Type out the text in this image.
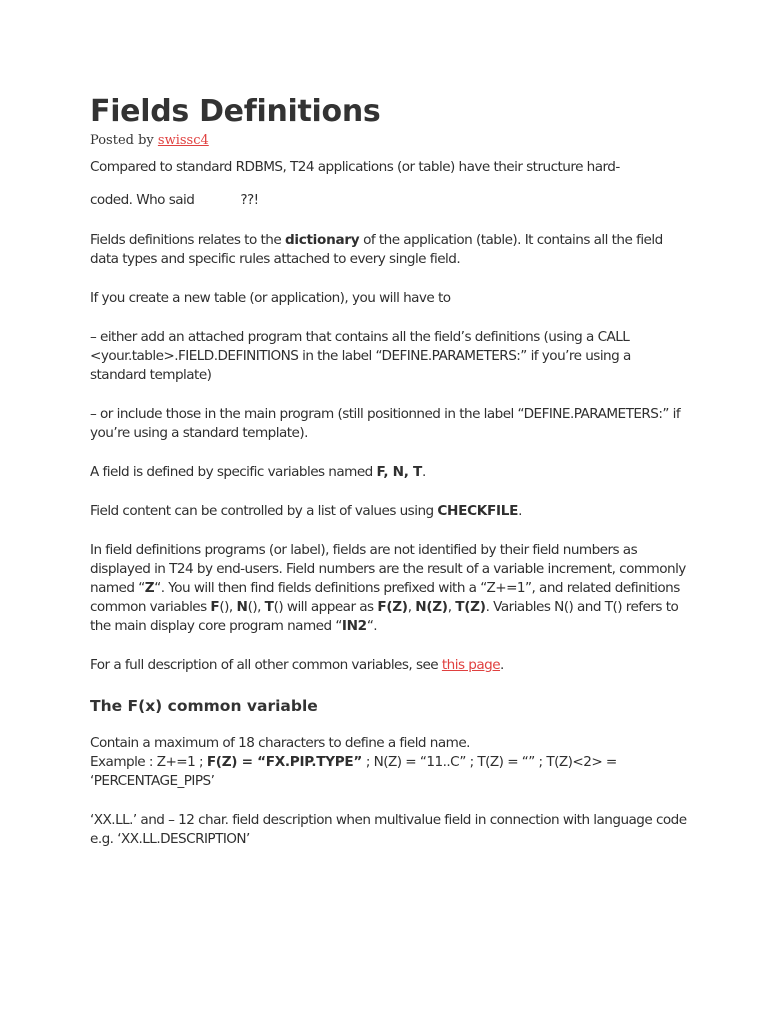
Fields Definitions
Posted by swissc4

Compared to standard RDBMS, T24 applications (or table) have their structure hard-

coded. Who said	??!

Fields definitions relates to the dictionary of the application (table). It contains all the field data types and specific rules attached to every single field.

If you create a new table (or application), you will have to

– either add an attached program that contains all the field’s definitions (using a CALL <your.table>.FIELD.DEFINITIONS in the label “DEFINE.PARAMETERS:” if you’re using a standard template)

– or include those in the main program (still positionned in the label “DEFINE.PARAMETERS:” if you’re using a standard template).

A field is defined by specific variables named F, N, T.

Field content can be controlled by a list of values using CHECKFILE.

In field definitions programs (or label), fields are not identified by their field numbers as displayed in T24 by end-users. Field numbers are the result of a variable increment, commonly named “Z“. You will then find fields definitions prefixed with a “Z+=1”, and related definitions common variables F(), N(), T() will appear as F(Z), N(Z), T(Z). Variables N() and T() refers to the main display core program named “IN2“.

For a full description of all other common variables, see this page.

The F(x) common variable

Contain a maximum of 18 characters to define a field name.
Example : Z+=1 ; F(Z) = “FX.PIP.TYPE” ; N(Z) = “11..C” ; T(Z) = “” ; T(Z)<2> = ‘PERCENTAGE_PIPS’

‘XX.LL.’ and – 12 char. field description when multivalue field in connection with language code e.g. ‘XX.LL.DESCRIPTION’
